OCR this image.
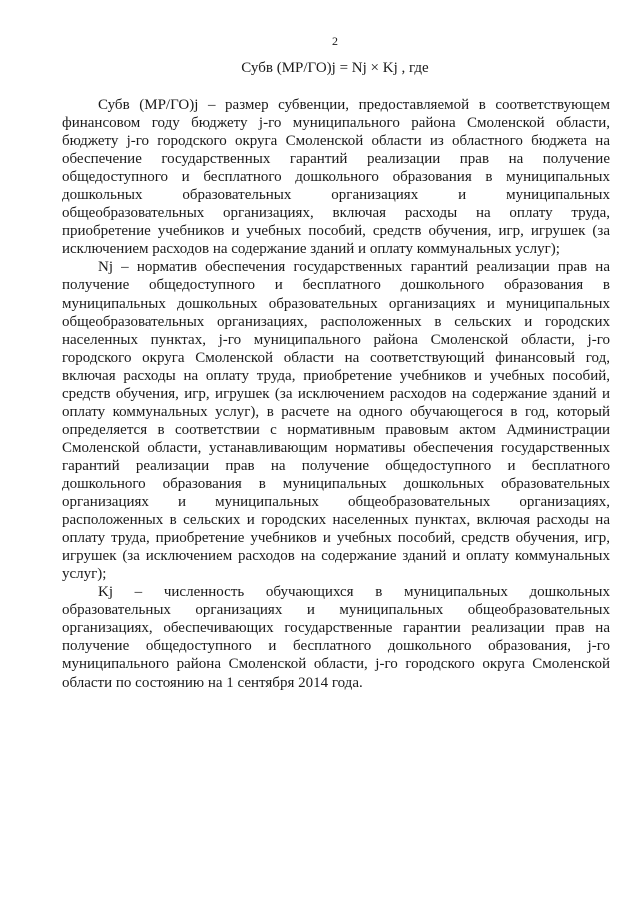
2
Субв (МР/ГО)j = Nj × Kj , где

Субв (МР/ГО)j – размер субвенции, предоставляемой в соответствующем финансовом году бюджету j-го муниципального района Смоленской области, бюджету j-го городского округа Смоленской области из областного бюджета на обеспечение государственных гарантий реализации прав на получение общедоступного и бесплатного дошкольного образования в муниципальных дошкольных образовательных организациях и муниципальных общеобразовательных организациях, включая расходы на оплату труда, приобретение учебников и учебных пособий, средств обучения, игр, игрушек (за исключением расходов на содержание зданий и оплату коммунальных услуг);

Nj – норматив обеспечения государственных гарантий реализации прав на получение общедоступного и бесплатного дошкольного образования в муниципальных дошкольных образовательных организациях и муниципальных общеобразовательных организациях, расположенных в сельских и городских населенных пунктах, j-го муниципального района Смоленской области, j-го городского округа Смоленской области на соответствующий финансовый год, включая расходы на оплату труда, приобретение учебников и учебных пособий, средств обучения, игр, игрушек (за исключением расходов на содержание зданий и оплату коммунальных услуг), в расчете на одного обучающегося в год, который определяется в соответствии с нормативным правовым актом Администрации Смоленской области, устанавливающим нормативы обеспечения государственных гарантий реализации прав на получение общедоступного и бесплатного дошкольного образования в муниципальных дошкольных образовательных организациях и муниципальных общеобразовательных организациях, расположенных в сельских и городских населенных пунктах, включая расходы на оплату труда, приобретение учебников и учебных пособий, средств обучения, игр, игрушек (за исключением расходов на содержание зданий и оплату коммунальных услуг);

Kj – численность обучающихся в муниципальных дошкольных образовательных организациях и муниципальных общеобразовательных организациях, обеспечивающих государственные гарантии реализации прав на получение общедоступного и бесплатного дошкольного образования, j-го муниципального района Смоленской области, j-го городского округа Смоленской области по состоянию на 1 сентября 2014 года.
